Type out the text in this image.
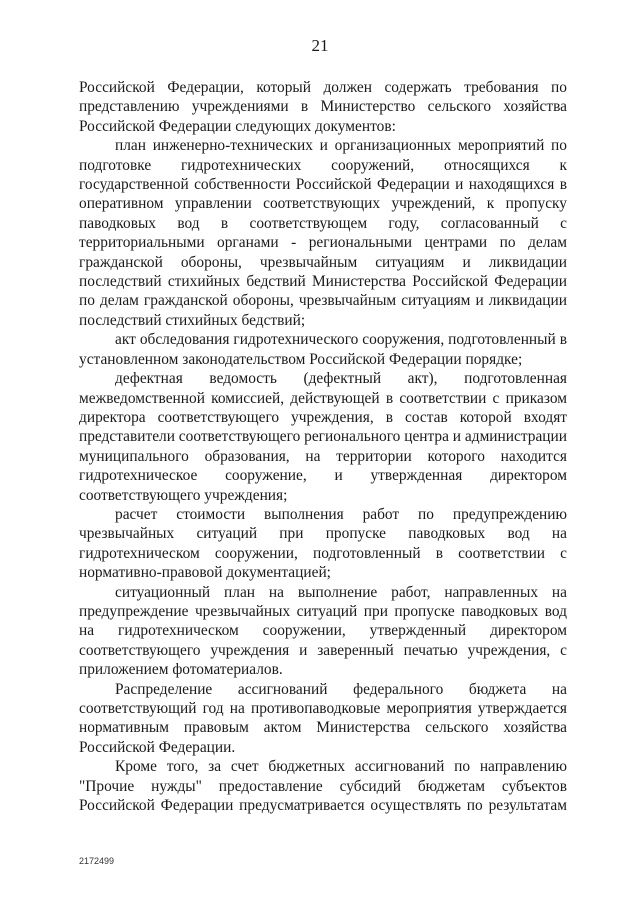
21

Российской Федерации, который должен содержать требования по представлению учреждениями в Министерство сельского хозяйства Российской Федерации следующих документов:

план инженерно-технических и организационных мероприятий по подготовке гидротехнических сооружений, относящихся к государственной собственности Российской Федерации и находящихся в оперативном управлении соответствующих учреждений, к пропуску паводковых вод в соответствующем году, согласованный с территориальными органами - региональными центрами по делам гражданской обороны, чрезвычайным ситуациям и ликвидации последствий стихийных бедствий Министерства Российской Федерации по делам гражданской обороны, чрезвычайным ситуациям и ликвидации последствий стихийных бедствий;

акт обследования гидротехнического сооружения, подготовленный в установленном законодательством Российской Федерации порядке;

дефектная ведомость (дефектный акт), подготовленная межведомственной комиссией, действующей в соответствии с приказом директора соответствующего учреждения, в состав которой входят представители соответствующего регионального центра и администрации муниципального образования, на территории которого находится гидротехническое сооружение, и утвержденная директором соответствующего учреждения;

расчет стоимости выполнения работ по предупреждению чрезвычайных ситуаций при пропуске паводковых вод на гидротехническом сооружении, подготовленный в соответствии с нормативно-правовой документацией;

ситуационный план на выполнение работ, направленных на предупреждение чрезвычайных ситуаций при пропуске паводковых вод на гидротехническом сооружении, утвержденный директором соответствующего учреждения и заверенный печатью учреждения, с приложением фотоматериалов.

Распределение ассигнований федерального бюджета на соответствующий год на противопаводковые мероприятия утверждается нормативным правовым актом Министерства сельского хозяйства Российской Федерации.

Кроме того, за счет бюджетных ассигнований по направлению "Прочие нужды" предоставление субсидий бюджетам субъектов Российской Федерации предусматривается осуществлять по результатам

2172499
